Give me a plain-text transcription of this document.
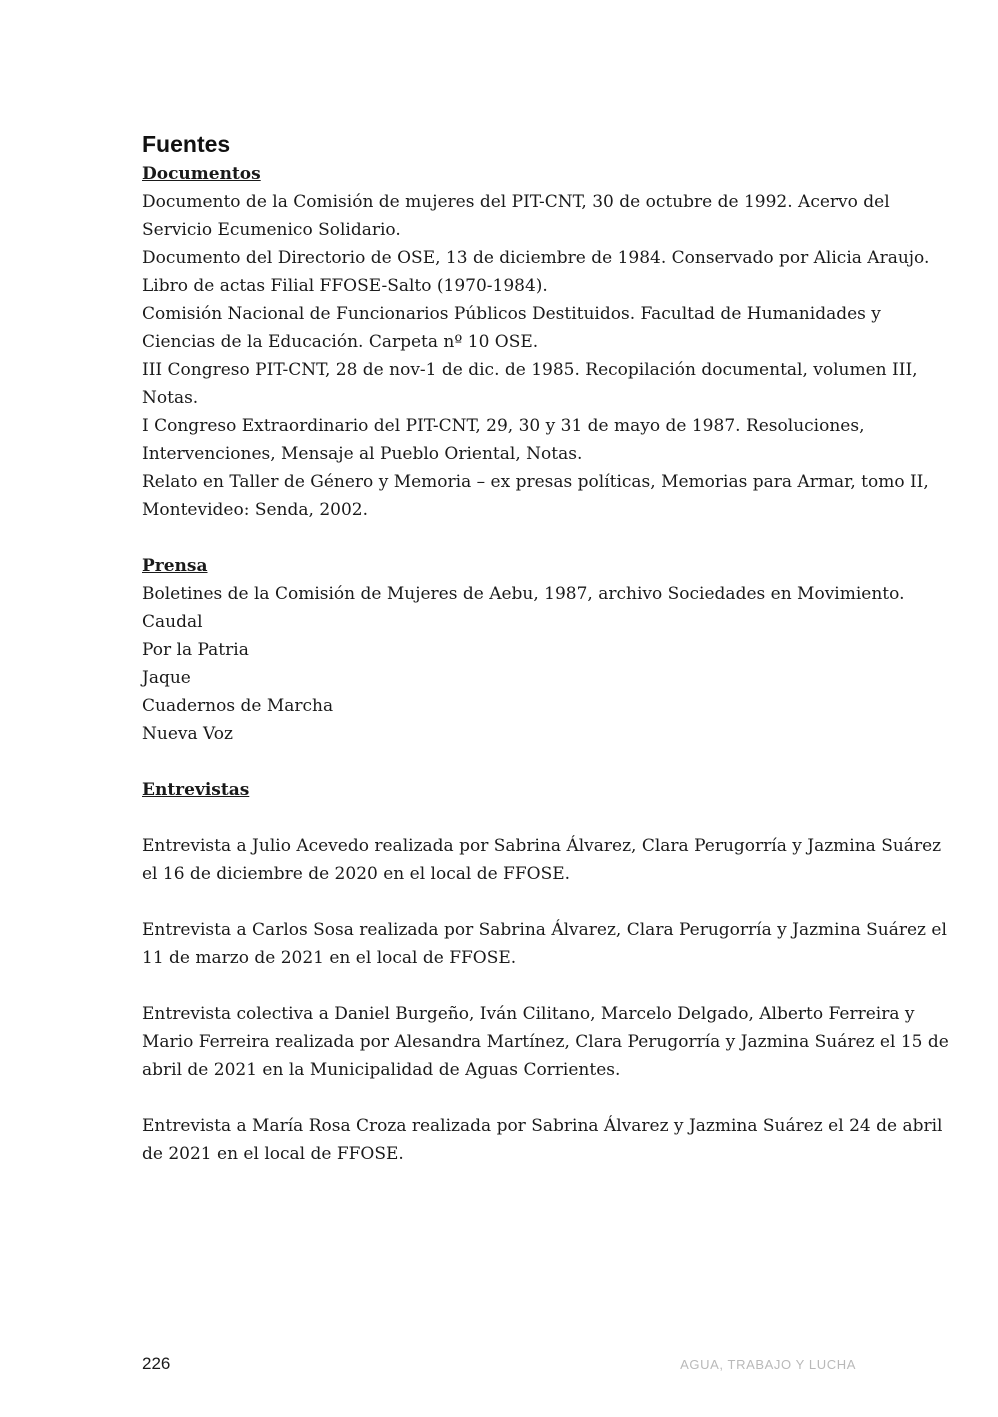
Fuentes
Documentos

Documento de la Comisión de mujeres del PIT-CNT, 30 de octubre de 1992. Acervo del

Servicio Ecumenico Solidario.

Documento del Directorio de OSE, 13 de diciembre de 1984. Conservado por Alicia Araujo.

Libro de actas Filial FFOSE-Salto (1970-1984).

Comisión Nacional de Funcionarios Públicos Destituidos. Facultad de Humanidades y

Ciencias de la Educación. Carpeta nº 10 OSE.

III Congreso PIT-CNT, 28 de nov-1 de dic. de 1985. Recopilación documental, volumen III,

Notas.

I Congreso Extraordinario del PIT-CNT, 29, 30 y 31 de mayo de 1987. Resoluciones,

Intervenciones, Mensaje al Pueblo Oriental, Notas.

Relato en Taller de Género y Memoria – ex presas políticas, Memorias para Armar, tomo II,

Montevideo: Senda, 2002.

Prensa

Boletines de la Comisión de Mujeres de Aebu, 1987, archivo Sociedades en Movimiento.

Caudal

Por la Patria

Jaque

Cuadernos de Marcha

Nueva Voz

Entrevistas

Entrevista a Julio Acevedo realizada por Sabrina Álvarez, Clara Perugorría y Jazmina Suárez

el 16 de diciembre de 2020 en el local de FFOSE.

Entrevista a Carlos Sosa realizada por Sabrina Álvarez, Clara Perugorría y Jazmina Suárez el

11 de marzo de 2021 en el local de FFOSE.

Entrevista colectiva a Daniel Burgeño, Iván Cilitano, Marcelo Delgado, Alberto Ferreira y

Mario Ferreira realizada por Alesandra Martínez, Clara Perugorría y Jazmina Suárez el 15 de

abril de 2021 en la Municipalidad de Aguas Corrientes.

Entrevista a María Rosa Croza realizada por Sabrina Álvarez y Jazmina Suárez el 24 de abril

de 2021 en el local de FFOSE.

226	AGUA, TRABAJO Y LUCHA
